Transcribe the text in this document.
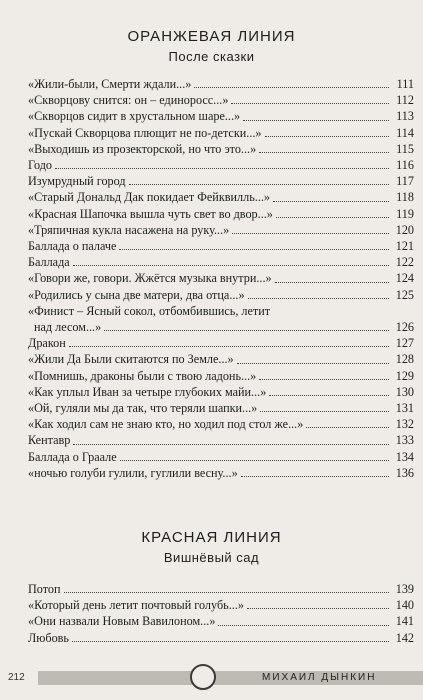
ОРАНЖЕВАЯ ЛИНИЯ
После сказки
«Жили-были, Смерти ждали...»	111
«Скворцову снится: он – единоросс...»	112
«Скворцов сидит в хрустальном шаре...»	113
«Пускай Скворцова плющит не по-детски...»	114
«Выходишь из прозекторской, но что это...»	115
Годо	116
Изумрудный город	117
«Старый Дональд Дак покидает Фейквилль...»	118
«Красная Шапочка вышла чуть свет во двор...»	119
«Тряпичная кукла насажена на руку...»	120
Баллада о палаче	121
Баллада	122
«Говори же, говори. Жжётся музыка внутри...»	124
«Родились у сына две матери, два отца...»	125
«Финист – Ясный сокол, отбомбившись, летит
над лесом...»	126
Дракон	127
«Жили Да Были скитаются по Земле...»	128
«Помнишь, драконы были с твою ладонь...»	129
«Как уплыл Иван за четыре глубоких майи...»	130
«Ой, гуляли мы да так, что теряли шапки...»	131
«Как ходил сам не знаю кто, но ходил под стол же...»	132
Кентавр	133
Баллада о Граале	134
«ночью голуби гулили, гуглили весну...»	136
КРАСНАЯ ЛИНИЯ
Вишнёвый сад
Потоп	139
«Который день летит почтовый голубь...»	140
«Они назвали Новым Вавилоном...»	141
Любовь	142
212	МИХАИЛ ДЫНКИН
